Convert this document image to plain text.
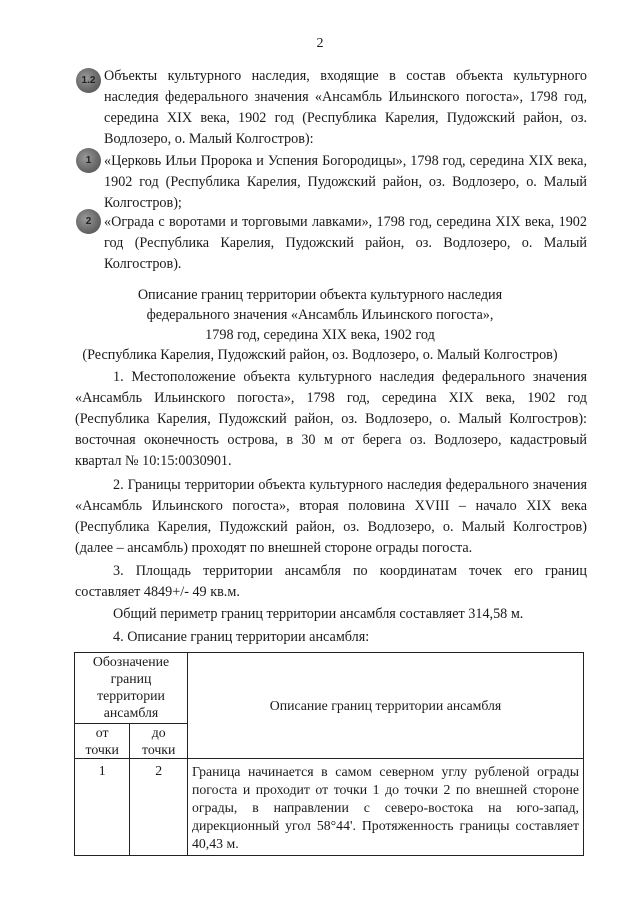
2
1.2 Объекты культурного наследия, входящие в состав объекта культурного наследия федерального значения «Ансамбль Ильинского погоста», 1798 год, середина XIX века, 1902 год (Республика Карелия, Пудожский район, оз. Водлозеро, о. Малый Колгостров):
1 «Церковь Ильи Пророка и Успения Богородицы», 1798 год, середина XIX века, 1902 год (Республика Карелия, Пудожский район, оз. Водлозеро, о. Малый Колгостров);
2 «Ограда с воротами и торговыми лавками», 1798 год, середина XIX века, 1902 год (Республика Карелия, Пудожский район, оз. Водлозеро, о. Малый Колгостров).
Описание границ территории объекта культурного наследия
федерального значения «Ансамбль Ильинского погоста»,
1798 год, середина XIX века, 1902 год
(Республика Карелия, Пудожский район, оз. Водлозеро, о. Малый Колгостров)
1. Местоположение объекта культурного наследия федерального значения «Ансамбль Ильинского погоста», 1798 год, середина XIX века, 1902 год (Республика Карелия, Пудожский район, оз. Водлозеро, о. Малый Колгостров): восточная оконечность острова, в 30 м от берега оз. Водлозеро, кадастровый квартал № 10:15:0030901.
2. Границы территории объекта культурного наследия федерального значения «Ансамбль Ильинского погоста», вторая половина XVIII – начало XIX века (Республика Карелия, Пудожский район, оз. Водлозеро, о. Малый Колгостров) (далее – ансамбль) проходят по внешней стороне ограды погоста.
3. Площадь территории ансамбля по координатам точек его границ составляет 4849+/- 49 кв.м.
Общий периметр границ территории ансамбля составляет 314,58 м.
4. Описание границ территории ансамбля:
Обозначение границ территории ансамбля		Описание границ территории ансамбля
от точки	до точки	
1	2	Граница начинается в самом северном углу рубленой ограды погоста и проходит от точки 1 до точки 2 по внешней стороне ограды, в направлении с северо-востока на юго-запад, дирекционный угол 58°44'. Протяженность границы составляет 40,43 м.
